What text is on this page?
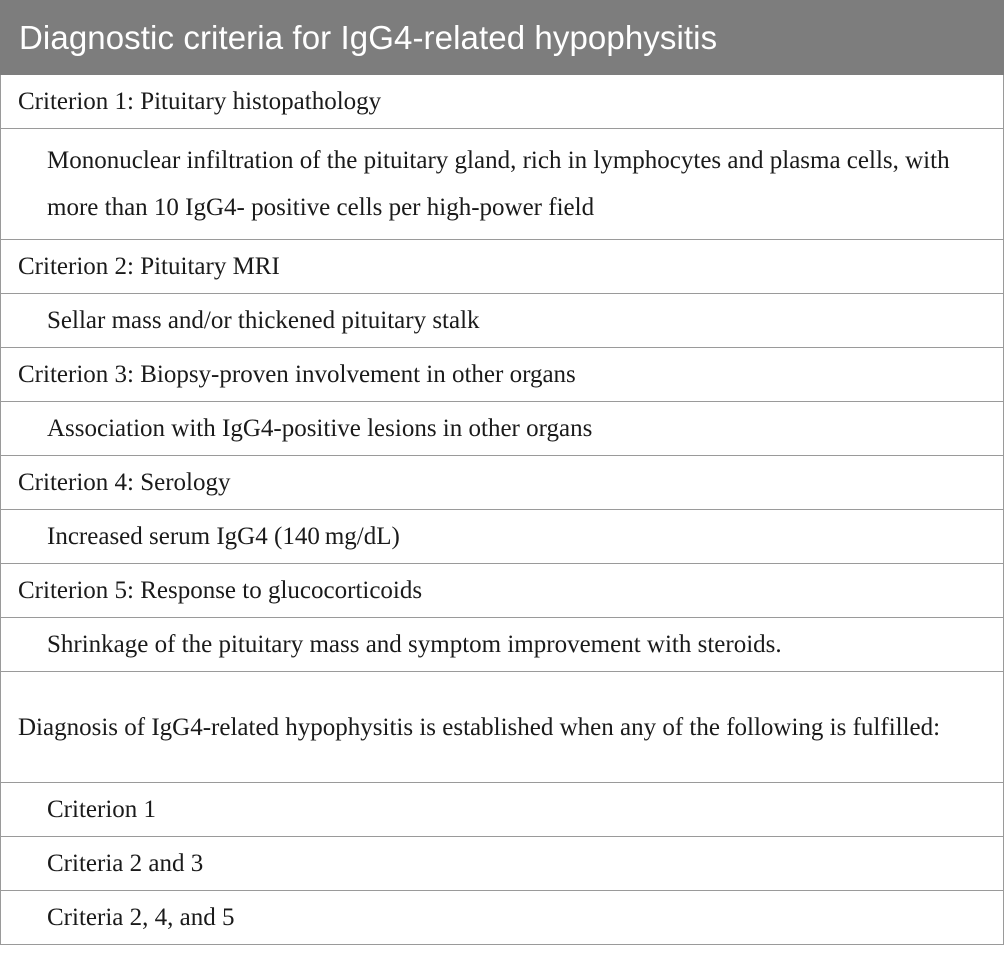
Diagnostic criteria for IgG4-related hypophysitis
Criterion 1: Pituitary histopathology
Mononuclear infiltration of the pituitary gland, rich in lymphocytes and plasma cells, with more than 10 IgG4- positive cells per high-power field
Criterion 2: Pituitary MRI
Sellar mass and/or thickened pituitary stalk
Criterion 3: Biopsy-proven involvement in other organs
Association with IgG4-positive lesions in other organs
Criterion 4: Serology
Increased serum IgG4 (140 mg/dL)
Criterion 5: Response to glucocorticoids
Shrinkage of the pituitary mass and symptom improvement with steroids.
Diagnosis of IgG4-related hypophysitis is established when any of the following is fulfilled:
Criterion 1
Criteria 2 and 3
Criteria 2, 4, and 5
